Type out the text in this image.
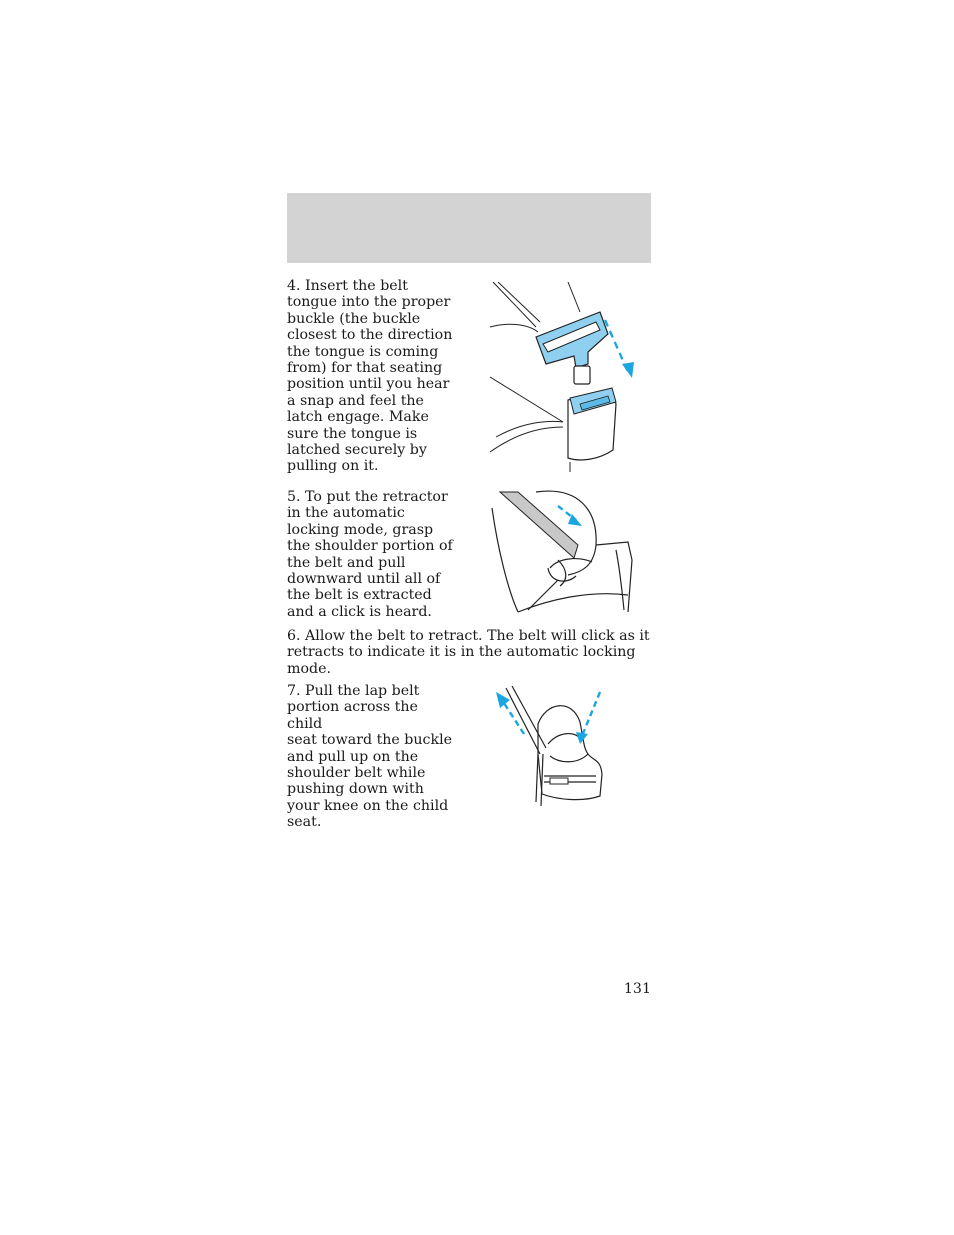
4. Insert the belt
tongue into the proper
buckle (the buckle
closest to the direction
the tongue is coming
from) for that seating
position until you hear
a snap and feel the
latch engage. Make
sure the tongue is
latched securely by
pulling on it.

5. To put the retractor
in the automatic
locking mode, grasp
the shoulder portion of
the belt and pull
downward until all of
the belt is extracted
and a click is heard.

6. Allow the belt to retract. The belt will click as it
retracts to indicate it is in the automatic locking
mode.

7. Pull the lap belt
portion across the child
seat toward the buckle
and pull up on the
shoulder belt while
pushing down with
your knee on the child
seat.

131
